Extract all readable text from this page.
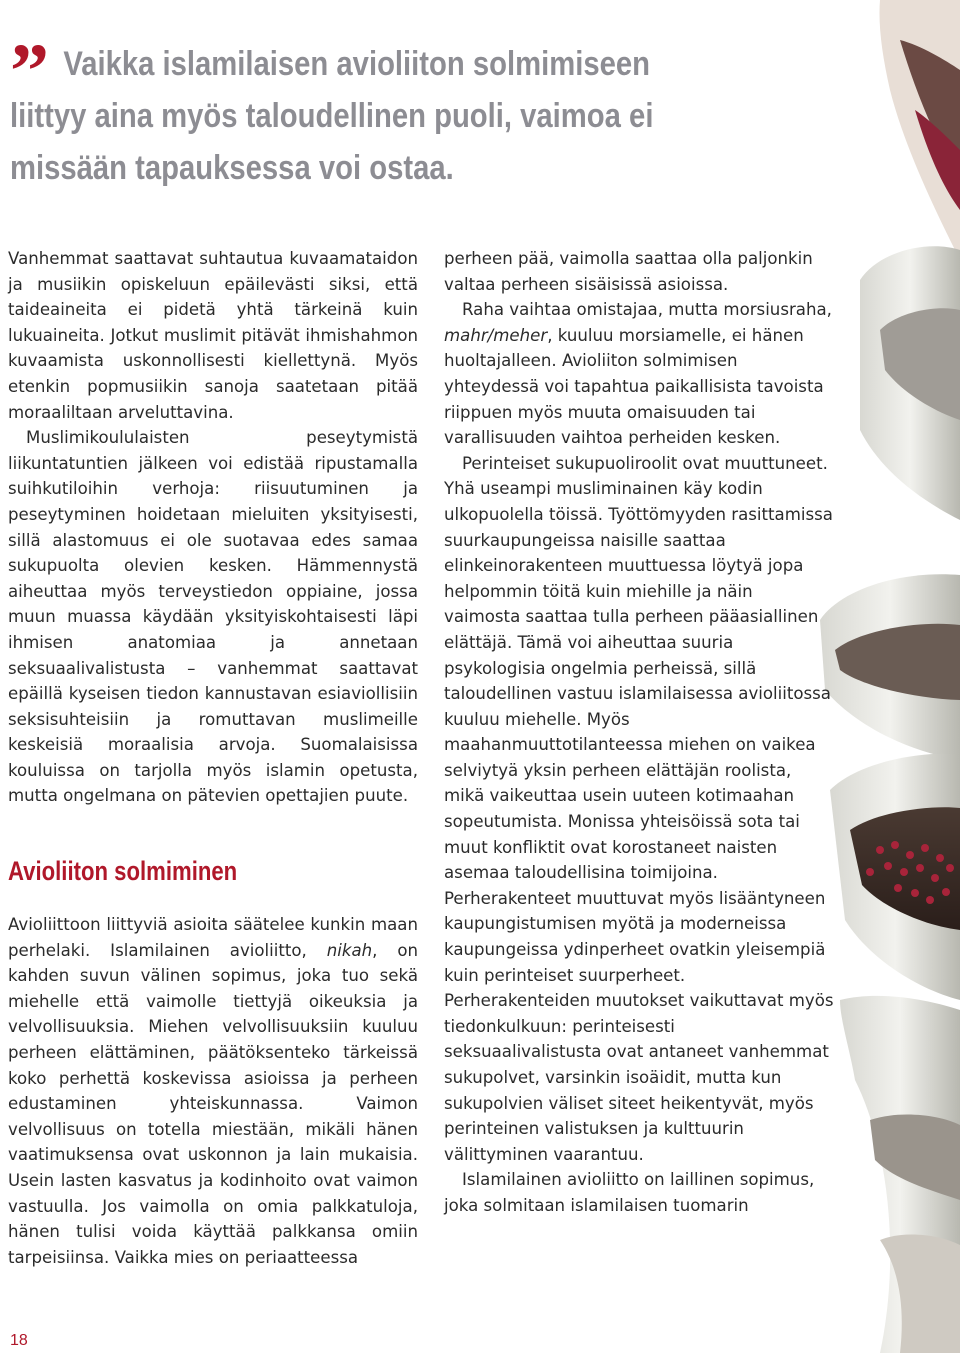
” Vaikka islamilaisen avioliiton solmimiseen liittyy aina myös taloudellinen puoli, vaimoa ei missään tapauksessa voi ostaa.

Vanhemmat saattavat suhtautua kuvaamataidon ja musiikin opiskeluun epäilevästi siksi, että taideaineita ei pidetä yhtä tärkeinä kuin lukuaineita. Jotkut muslimit pitävät ihmishahmon kuvaamista uskonnollisesti kiellettynä. Myös etenkin popmusiikin sanoja saatetaan pitää moraaliltaan arveluttavina.

Muslimikoululaisten peseytymistä liikuntatuntien jälkeen voi edistää ripustamalla suihkutiloihin verhoja: riisuutuminen ja peseytyminen hoidetaan mieluiten yksityisesti, sillä alastomuus ei ole suotavaa edes samaa sukupuolta olevien kesken. Hämmennystä aiheuttaa myös terveystiedon oppiaine, jossa muun muassa käydään yksityiskohtaisesti läpi ihmisen anatomiaa ja annetaan seksuaalivalistusta – vanhemmat saattavat epäillä kyseisen tiedon kannustavan esiaviollisiin seksisuhteisiin ja romuttavan muslimeille keskeisiä moraalisia arvoja. Suomalaisissa kouluissa on tarjolla myös islamin opetusta, mutta ongelmana on pätevien opettajien puute.

Avioliiton solmiminen

Avioliittoon liittyviä asioita säätelee kunkin maan perhelaki. Islamilainen avioliitto, nikah, on kahden suvun välinen sopimus, joka tuo sekä miehelle että vaimolle tiettyjä oikeuksia ja velvollisuuksia. Miehen velvollisuuksiin kuuluu perheen elättäminen, päätöksenteko tärkeissä koko perhettä koskevissa asioissa ja perheen edustaminen yhteiskunnassa. Vaimon velvollisuus on totella miestään, mikäli hänen vaatimuksensa ovat uskonnon ja lain mukaisia. Usein lasten kasvatus ja kodinhoito ovat vaimon vastuulla. Jos vaimolla on omia palkkatuloja, hänen tulisi voida käyttää palkkansa omiin tarpeisiinsa. Vaikka mies on periaatteessa

perheen pää, vaimolla saattaa olla paljonkin valtaa perheen sisäisissä asioissa.

Raha vaihtaa omistajaa, mutta morsiusraha, mahr/meher, kuuluu morsiamelle, ei hänen huoltajalleen. Avioliiton solmimisen yhteydessä voi tapahtua paikallisista tavoista riippuen myös muuta omaisuuden tai varallisuuden vaihtoa perheiden kesken.

Perinteiset sukupuoliroolit ovat muuttuneet. Yhä useampi musliminainen käy kodin ulkopuolella töissä. Työttömyyden rasittamissa suurkaupungeissa naisille saattaa elinkeinorakenteen muuttuessa löytyä jopa helpommin töitä kuin miehille ja näin vaimosta saattaa tulla perheen pääasiallinen elättäjä. Tämä voi aiheuttaa suuria psykologisia ongelmia perheissä, sillä taloudellinen vastuu islamilaisessa avioliitossa kuuluu miehelle. Myös maahanmuuttotilanteessa miehen on vaikea selviytyä yksin perheen elättäjän roolista, mikä vaikeuttaa usein uuteen kotimaahan sopeutumista. Monissa yhteisöissä sota tai muut konfliktit ovat korostaneet naisten asemaa taloudellisina toimijoina. Perherakenteet muuttuvat myös lisääntyneen kaupungistumisen myötä ja moderneissa kaupungeissa ydinperheet ovatkin yleisempiä kuin perinteiset suurperheet. Perherakenteiden muutokset vaikuttavat myös tiedonkulkuun: perinteisesti seksuaalivalistusta ovat antaneet vanhemmat sukupolvet, varsinkin isoäidit, mutta kun sukupolvien väliset siteet heikentyvät, myös perinteinen valistuksen ja kulttuurin välittyminen vaarantuu.

Islamilainen avioliitto on laillinen sopimus, joka solmitaan islamilaisen tuomarin

18
